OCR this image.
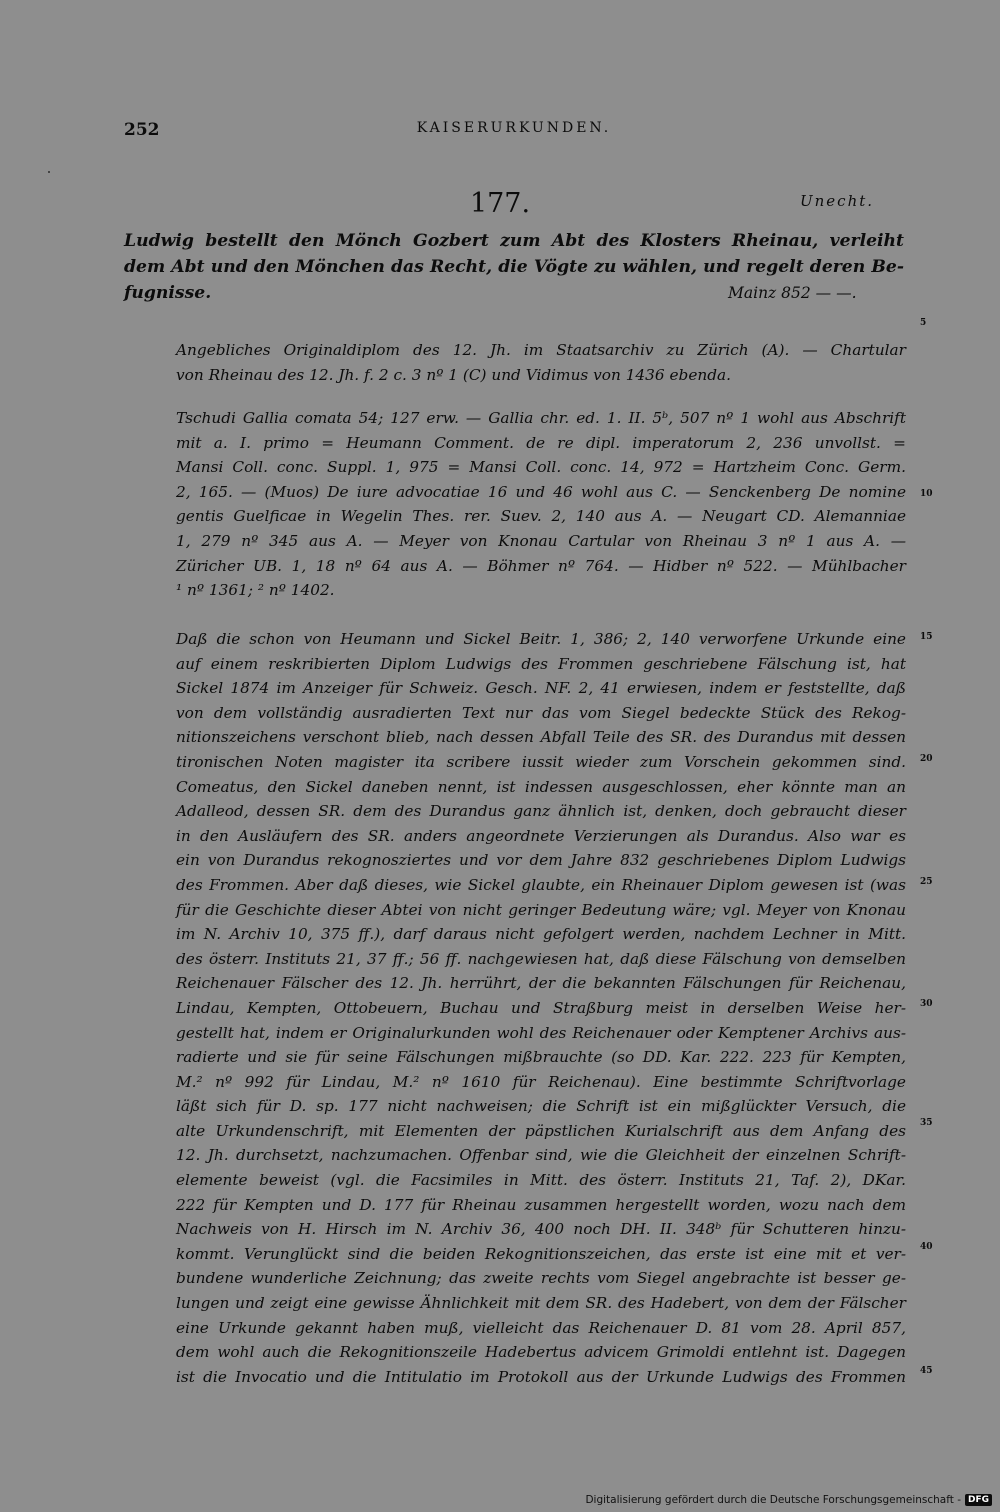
252	KAISERURKUNDEN.
177.	Unecht.
Ludwig bestellt den Mönch Gozbert zum Abt des Klosters Rheinau, verleiht
dem Abt und den Mönchen das Recht, die Vögte zu wählen, und regelt deren Be-
fugnisse.	Mainz 852 — —.
Angebliches Originaldiplom des 12. Jh. im Staatsarchiv zu Zürich (A). — Chartular
von Rheinau des 12. Jh. f. 2 c. 3 nº 1 (C) und Vidimus von 1436 ebenda.
Tschudi Gallia comata 54; 127 erw. — Gallia chr. ed. 1. II. 5ᵇ, 507 nº 1 wohl aus Abschrift
mit a. I. primo = Heumann Comment. de re dipl. imperatorum 2, 236 unvollst. =
Mansi Coll. conc. Suppl. 1, 975 = Mansi Coll. conc. 14, 972 = Hartzheim Conc. Germ.
2, 165. — (Muos) De iure advocatiae 16 und 46 wohl aus C. — Senckenberg De nomine
gentis Guelficae in Wegelin Thes. rer. Suev. 2, 140 aus A. — Neugart CD. Alemanniae
1, 279 nº 345 aus A. — Meyer von Knonau Cartular von Rheinau 3 nº 1 aus A. —
Züricher UB. 1, 18 nº 64 aus A. — Böhmer nº 764. — Hidber nº 522. — Mühlbacher
¹ nº 1361; ² nº 1402.
Daß die schon von Heumann und Sickel Beitr. 1, 386; 2, 140 verworfene Urkunde eine
auf einem reskribierten Diplom Ludwigs des Frommen geschriebene Fälschung ist, hat
Sickel 1874 im Anzeiger für Schweiz. Gesch. NF. 2, 41 erwiesen, indem er feststellte, daß
von dem vollständig ausradierten Text nur das vom Siegel bedeckte Stück des Rekog-
nitionszeichens verschont blieb, nach dessen Abfall Teile des SR. des Durandus mit dessen
tironischen Noten magister ita scribere iussit wieder zum Vorschein gekommen sind.
Comeatus, den Sickel daneben nennt, ist indessen ausgeschlossen, eher könnte man an
Adalleod, dessen SR. dem des Durandus ganz ähnlich ist, denken, doch gebraucht dieser
in den Ausläufern des SR. anders angeordnete Verzierungen als Durandus. Also war es
ein von Durandus rekognosziertes und vor dem Jahre 832 geschriebenes Diplom Ludwigs
des Frommen. Aber daß dieses, wie Sickel glaubte, ein Rheinauer Diplom gewesen ist (was
für die Geschichte dieser Abtei von nicht geringer Bedeutung wäre; vgl. Meyer von Knonau
im N. Archiv 10, 375 ff.), darf daraus nicht gefolgert werden, nachdem Lechner in Mitt.
des österr. Instituts 21, 37 ff.; 56 ff. nachgewiesen hat, daß diese Fälschung von demselben
Reichenauer Fälscher des 12. Jh. herrührt, der die bekannten Fälschungen für Reichenau,
Lindau, Kempten, Ottobeuern, Buchau und Straßburg meist in derselben Weise her-
gestellt hat, indem er Originalurkunden wohl des Reichenauer oder Kemptener Archivs aus-
radierte und sie für seine Fälschungen mißbrauchte (so DD. Kar. 222. 223 für Kempten,
M.² nº 992 für Lindau, M.² nº 1610 für Reichenau). Eine bestimmte Schriftvorlage
läßt sich für D. sp. 177 nicht nachweisen; die Schrift ist ein mißglückter Versuch, die
alte Urkundenschrift, mit Elementen der päpstlichen Kurialschrift aus dem Anfang des
12. Jh. durchsetzt, nachzumachen. Offenbar sind, wie die Gleichheit der einzelnen Schrift-
elemente beweist (vgl. die Facsimiles in Mitt. des österr. Instituts 21, Taf. 2), DKar.
222 für Kempten und D. 177 für Rheinau zusammen hergestellt worden, wozu nach dem
Nachweis von H. Hirsch im N. Archiv 36, 400 noch DH. II. 348ᵇ für Schutteren hinzu-
kommt. Verunglückt sind die beiden Rekognitionszeichen, das erste ist eine mit et ver-
bundene wunderliche Zeichnung; das zweite rechts vom Siegel angebrachte ist besser ge-
lungen und zeigt eine gewisse Ähnlichkeit mit dem SR. des Hadebert, von dem der Fälscher
eine Urkunde gekannt haben muß, vielleicht das Reichenauer D. 81 vom 28. April 857,
dem wohl auch die Rekognitionszeile Hadebertus advicem Grimoldi entlehnt ist. Dagegen
ist die Invocatio und die Intitulatio im Protokoll aus der Urkunde Ludwigs des Frommen
5
10
15
20
25
30
35
40
45
Digitalisierung gefördert durch die Deutsche Forschungsgemeinschaft - DFG
